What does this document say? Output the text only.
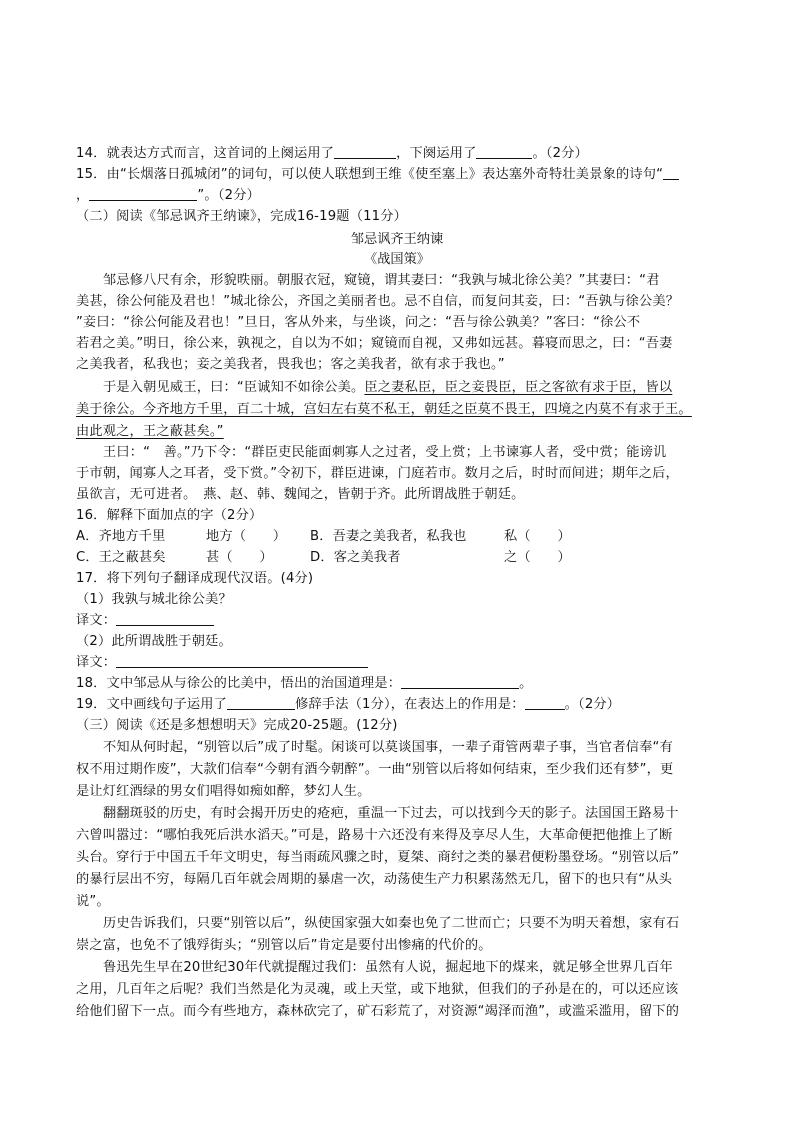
14．就表达方式而言，这首词的上阕运用了	，下阕运用了	。（2分）
15．由“长烟落日孤城闭”的词句，可以使人联想到王维《使至塞上》表达塞外奇特壮美景象的诗句“
，	”。（2分）
（二）阅读《邹忌讽齐王纳谏》，完成16-19题（11分）
邹忌讽齐王纳谏
《战国策》
邹忌修八尺有余，形貌昳丽。朝服衣冠，窥镜，谓其妻曰：“我孰与城北徐公美？”其妻曰：“君
美甚，徐公何能及君也！”城北徐公，齐国之美丽者也。忌不自信，而复问其妾，曰：“吾孰与徐公美？
”妾曰：“徐公何能及君也！”旦日，客从外来，与坐谈，问之：“吾与徐公孰美？”客曰：“徐公不
若君之美。”明日，徐公来，孰视之，自以为不如；窥镜而自视，又弗如远甚。暮寝而思之，曰：“吾妻
之美我者，私我也；妾之美我者，畏我也；客之美我者，欲有求于我也。”
于是入朝见威王，曰：“臣诚知不如徐公美。臣之妻私臣，臣之妾畏臣，臣之客欲有求于臣，皆以
美于徐公。今齐地方千里，百二十城，宫妇左右莫不私王，朝廷之臣莫不畏王，四境之内莫不有求于王。
由此观之，王之蔽甚矣。”
王曰：“　善。”乃下令：“群臣吏民能面刺寡人之过者，受上赏；上书谏寡人者，受中赏；能谤讥
于市朝，闻寡人之耳者，受下赏。”令初下，群臣进谏，门庭若市。数月之后，时时而间进；期年之后，
虽欲言，无可进者。　燕、赵、韩、魏闻之，皆朝于齐。此所谓战胜于朝廷。
16．解释下面加点的字（2分）
A．齐地方千里	地方（　　） B．吾妻之美我者，私我也	私（　　）
C．王之蔽甚矣	甚（　　）	D．客之美我者	之（　　）
17．将下列句子翻译成现代汉语。(4分)
（1）我孰与城北徐公美？
译文：
（2）此所谓战胜于朝廷。
译文：
18．文中邹忌从与徐公的比美中，悟出的治国道理是：	。
19．文中画线句子运用了	修辞手法（1分），在表达上的作用是：	。（2分）
（三）阅读《还是多想想明天》完成20-25题。(12分)
不知从何时起，“别管以后”成了时髦。闲谈可以莫谈国事，一辈子甭管两辈子事，当官者信奉“有
权不用过期作废”，大款们信奉“今朝有酒今朝醉”。一曲“别管以后将如何结束，至少我们还有梦”，更
是让灯红酒绿的男女们唱得如痴如醉，梦幻人生。
翻翻斑驳的历史，有时会揭开历史的疮疤，重温一下过去，可以找到今天的影子。法国国王路易十
六曾叫嚣过：“哪怕我死后洪水滔天。”可是，路易十六还没有来得及享尽人生，大革命便把他推上了断
头台。穿行于中国五千年文明史，每当雨疏风骤之时，夏桀、商纣之类的暴君便粉墨登场。“别管以后”
的暴行层出不穷，每隔几百年就会周期的暴虐一次，动荡使生产力积累荡然无几，留下的也只有“从头
说”。
历史告诉我们，只要“别管以后”，纵使国家强大如秦也免了二世而亡；只要不为明天着想，家有石
崇之富，也免不了饿殍街头；“别管以后”肯定是要付出惨痛的代价的。
鲁迅先生早在20世纪30年代就提醒过我们：虽然有人说，掘起地下的煤来，就足够全世界几百年
之用，几百年之后呢？我们当然是化为灵魂，或上天堂，或下地狱，但我们的子孙是在的，可以还应该
给他们留下一点。而今有些地方，森林砍完了，矿石彩荒了，对资源“竭泽而渔”，或滥采滥用，留下的
